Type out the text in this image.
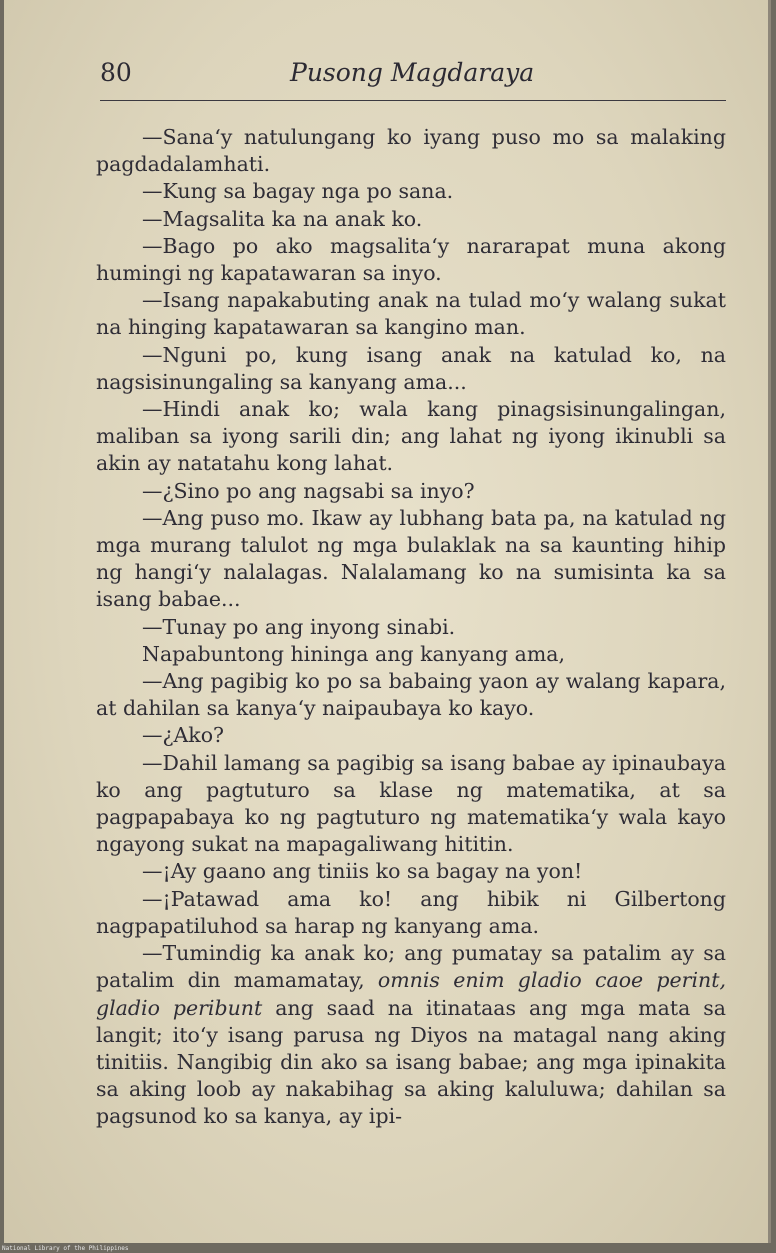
80	Pusong Magdaraya

—Sana‘y natulungang ko iyang puso mo sa malaking pagdadalamhati.

—Kung sa bagay nga po sana.

—Magsalita ka na anak ko.

—Bago po ako magsalita‘y nararapat muna akong humingi ng kapatawaran sa inyo.

—Isang napakabuting anak na tulad mo‘y walang sukat na hinging kapatawaran sa kangino man.

—Nguni po, kung isang anak na katulad ko, na nagsisinungaling sa kanyang ama...

—Hindi anak ko; wala kang pinagsisinungalingan, maliban sa iyong sarili din; ang lahat ng iyong ikinubli sa akin ay natatahu kong lahat.

—¿Sino po ang nagsabi sa inyo?

—Ang puso mo. Ikaw ay lubhang bata pa, na katulad ng mga murang talulot ng mga bulaklak na sa kaunting hihip ng hangi‘y nalalagas. Nalalamang ko na sumisinta ka sa isang babae...

—Tunay po ang inyong sinabi.

Napabuntong hininga ang kanyang ama,

—Ang pagibig ko po sa babaing yaon ay walang kapara, at dahilan sa kanya‘y naipaubaya ko kayo.

—¿Ako?

—Dahil lamang sa pagibig sa isang babae ay ipinaubaya ko ang pagtuturo sa klase ng matematika, at sa pagpapabaya ko ng pagtuturo ng matematika‘y wala kayo ngayong sukat na mapagaliwang hititin.

—¡Ay gaano ang tiniis ko sa bagay na yon!

—¡Patawad ama ko! ang hibik ni Gilbertong nagpapatiluhod sa harap ng kanyang ama.

—Tumindig ka anak ko; ang pumatay sa patalim ay sa patalim din mamamatay, omnis enim gladio caoe perint, gladio peribunt ang saad na itinataas ang mga mata sa langit; ito‘y isang parusa ng Diyos na matagal nang aking tinitiis. Nangibig din ako sa isang babae; ang mga ipinakita sa aking loob ay nakabihag sa aking kaluluwa; dahilan sa pagsunod ko sa kanya, ay ipi-

National Library of the Philippines
